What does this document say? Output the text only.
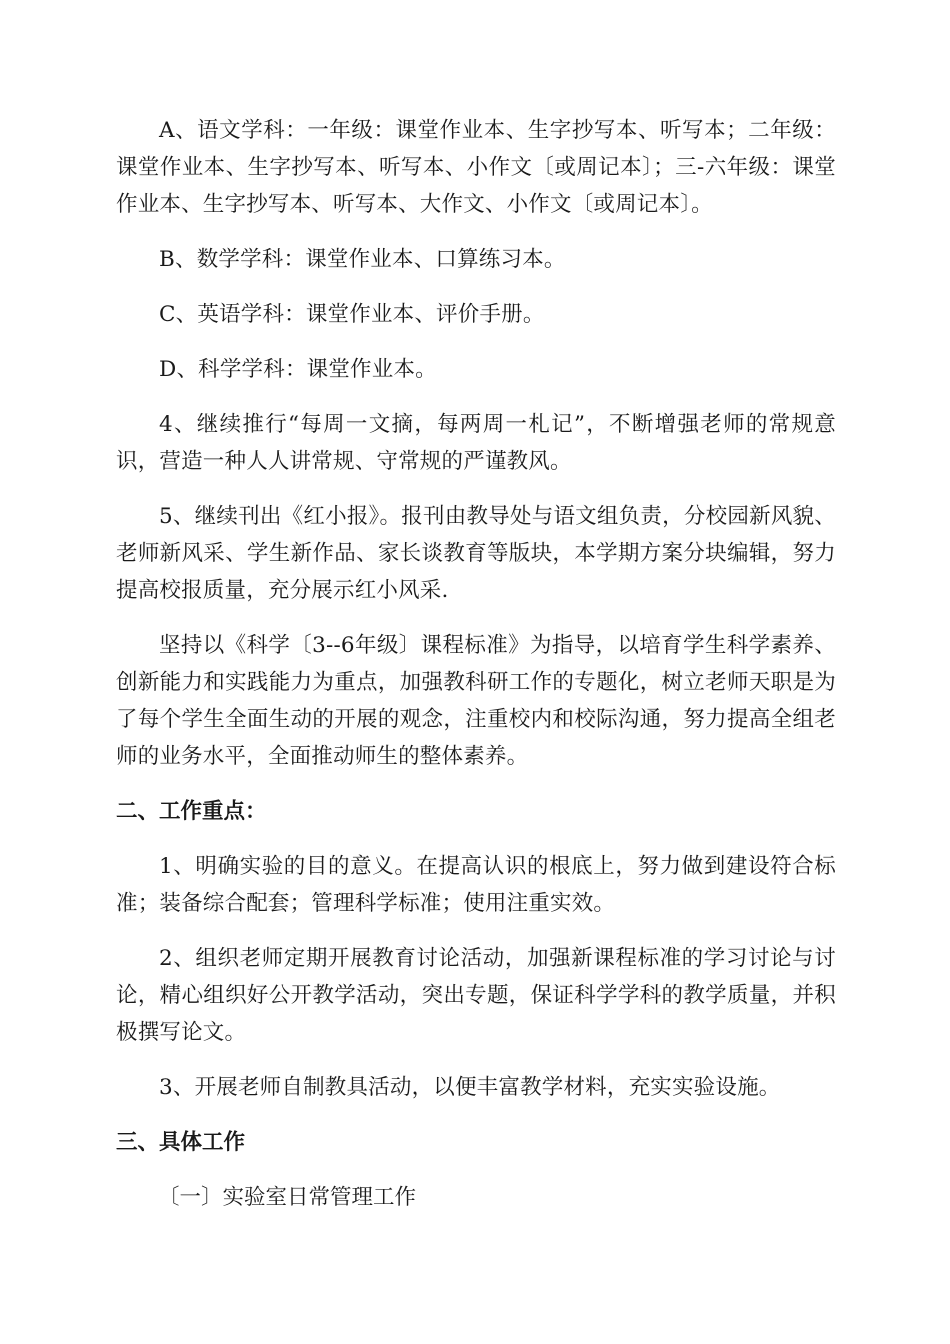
A、语文学科：一年级：课堂作业本、生字抄写本、听写本；二年级：课堂作业本、生字抄写本、听写本、小作文〔或周记本〕；三-六年级：课堂作业本、生字抄写本、听写本、大作文、小作文〔或周记本〕。

B、数学学科：课堂作业本、口算练习本。

C、英语学科：课堂作业本、评价手册。

D、科学学科：课堂作业本。

4、继续推行“每周一文摘，每两周一札记”，不断增强老师的常规意识，营造一种人人讲常规、守常规的严谨教风。

5、继续刊出《红小报》。报刊由教导处与语文组负责，分校园新风貌、老师新风采、学生新作品、家长谈教育等版块，本学期方案分块编辑，努力提高校报质量，充分展示红小风采.

坚持以《科学〔3--6年级〕课程标准》为指导，以培育学生科学素养、创新能力和实践能力为重点，加强教科研工作的专题化，树立老师天职是为了每个学生全面生动的开展的观念，注重校内和校际沟通，努力提高全组老师的业务水平，全面推动师生的整体素养。

二、工作重点：

1、明确实验的目的意义。在提高认识的根底上，努力做到建设符合标准；装备综合配套；管理科学标准；使用注重实效。

2、组织老师定期开展教育讨论活动，加强新课程标准的学习讨论与讨论，精心组织好公开教学活动，突出专题，保证科学学科的教学质量，并积极撰写论文。

3、开展老师自制教具活动，以便丰富教学材料，充实实验设施。

三、具体工作

〔一〕实验室日常管理工作
